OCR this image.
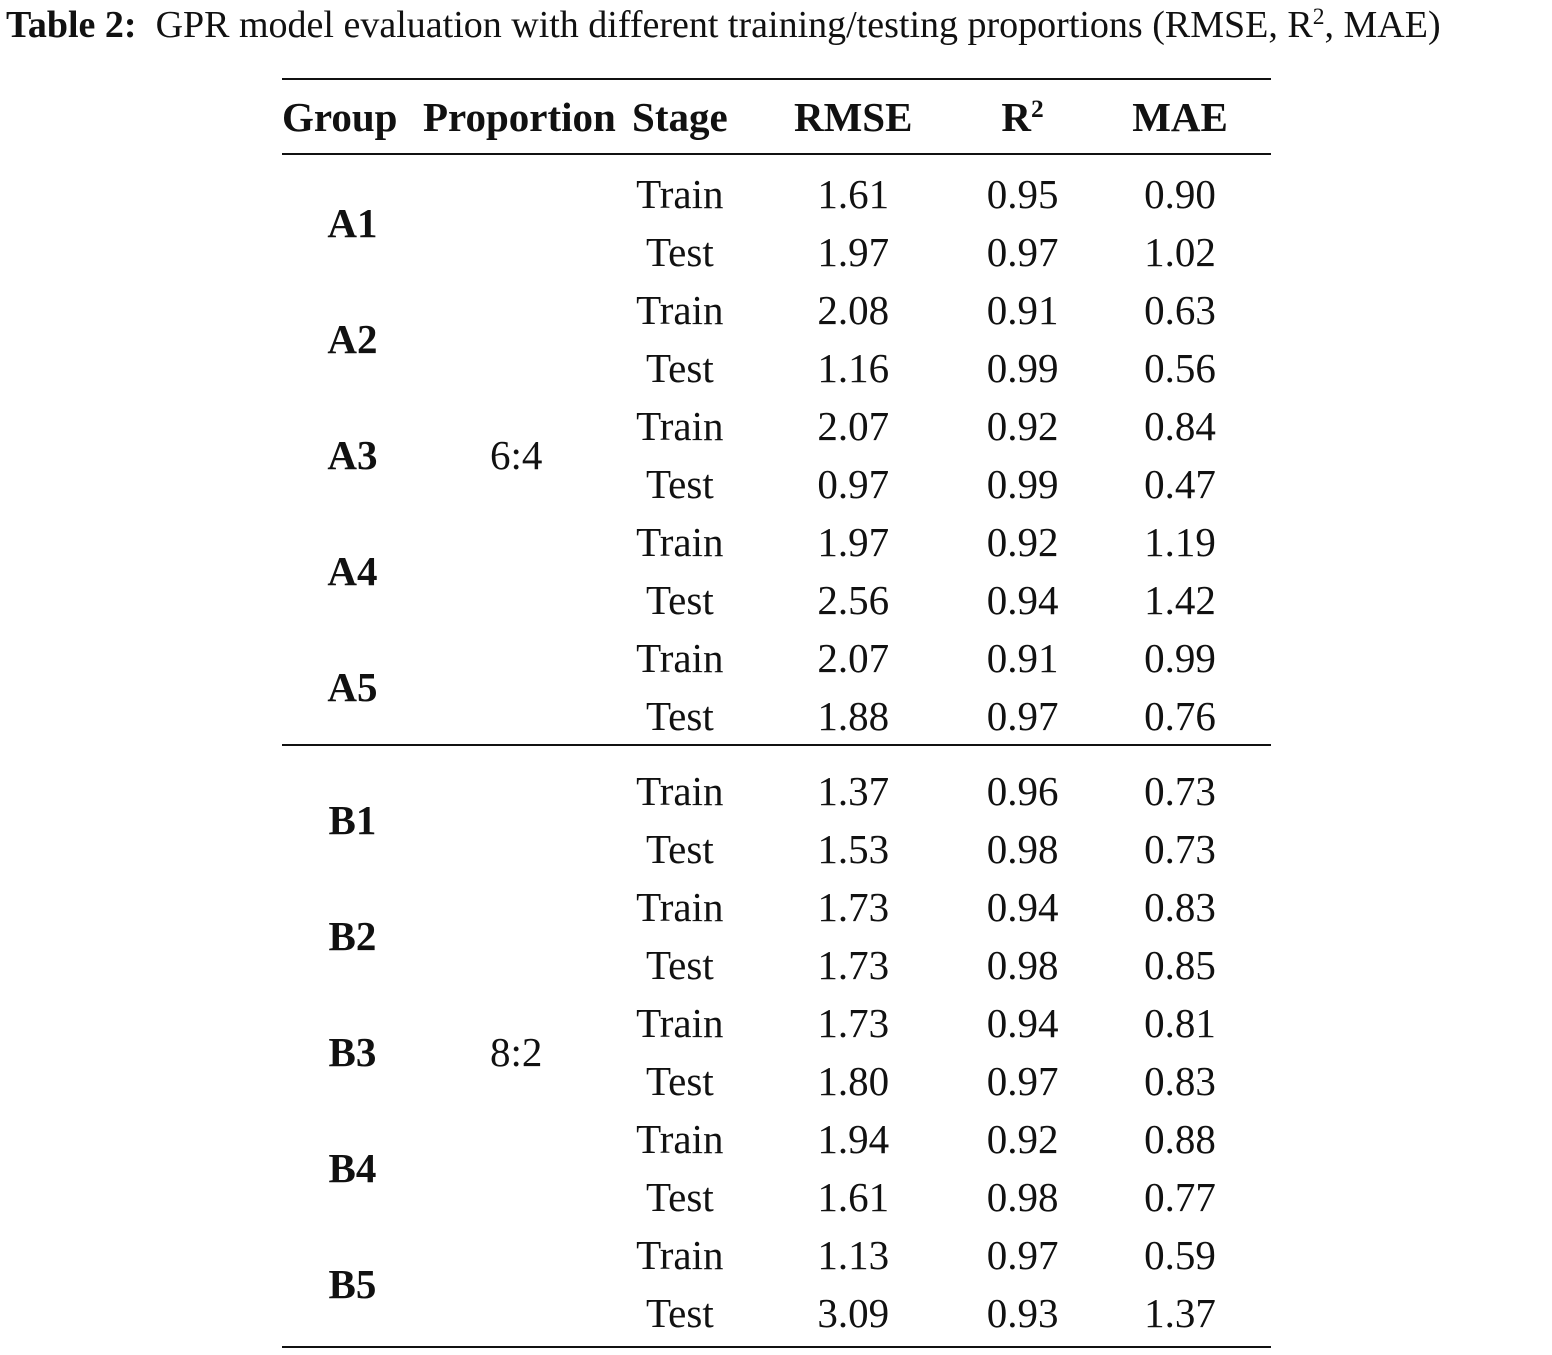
Table 2: GPR model evaluation with different training/testing proportions (RMSE, $R^2$, MAE)
Group	Proportion	Stage	RMSE	$R^2$	MAE

A1	6:4	Train	1.61	0.95	0.90
		Test	1.97	0.97	1.02
A2		Train	2.08	0.91	0.63
		Test	1.16	0.99	0.56
A3		Train	2.07	0.92	0.84
		Test	0.97	0.99	0.47
A4		Train	1.97	0.92	1.19
		Test	2.56	0.94	1.42
A5		Train	2.07	0.91	0.99
		Test	1.88	0.97	0.76

B1	8:2	Train	1.37	0.96	0.73
		Test	1.53	0.98	0.73
B2		Train	1.73	0.94	0.83
		Test	1.73	0.98	0.85
B3		Train	1.73	0.94	0.81
		Test	1.80	0.97	0.83
B4		Train	1.94	0.92	0.88
		Test	1.61	0.98	0.77
B5		Train	1.13	0.97	0.59
		Test	3.09	0.93	1.37
